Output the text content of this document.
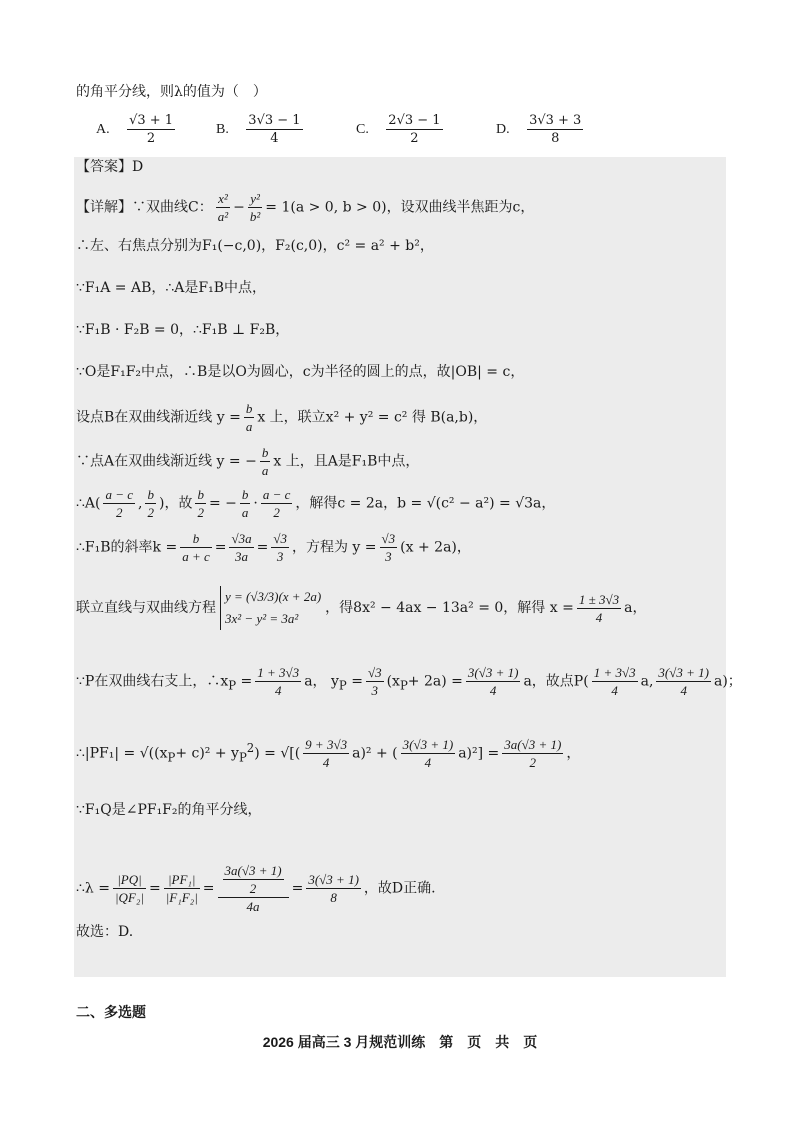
的角平分线，则λ的值为（　）
A. $\frac{√3 + 1}{2}$	B. $\frac{3√3 - 1}{4}$	C. $\frac{2√3 - 1}{2}$	D. $\frac{3√3 + 3}{8}$
【答案】D
【详解】∵双曲线C： $\frac{\text{x²}}{\text{a²}} - \frac{\text{y²}}{\text{b²}} = 1(a > 0$, b > 0)，设双曲线半焦距为c，
∴左、右焦点分别为F₁(−c,0)，F₂(c,0)，c² = a² + b²，
∵F₁A = AB，∴A是F₁B中点，
∵F₁B · F₂B = 0，∴F₁B ⊥ F₂B，
∵O是F₁F₂中点，∴B是以O为圆心，c为半径的圆上的点，故|OB| = c，
设点B在双曲线渐近线 $y = \frac{b}{a}$ x 上，联立x² + y² = c² 得 B(a,b)，
∵点A在双曲线渐近线 y = − $\frac{b}{a}$ x 上，且A是F₁B中点，
∴A( $\frac{a - c}{2}$ , $\frac{b}{2}$ )，故 $\frac{b}{2}$ = − $\frac{b}{a} \cdot \frac{a - c}{2}$ ，解得c = 2a，b = √(c² − a²) = √3a，
∴F₁B的斜率$k = \frac{b}{a + c} = \frac{√3a}{3a} = \frac{√3}{3}$ ，方程为 $y = \frac{√3}{3} (x + 2a)$，
联立直线与双曲线方程
y = (√3/3)(x + 2a)
3x² − y² = 3a²
，得8x² − 4ax − 13a² = 0，解得 $x = \frac{1 \pm 3√3}{4}$ a，
∵P在双曲线右支上，$\therefore x_P = \frac{1 + 3√3}{4}$ a， $y_P = \frac{√3}{3} (x_P+ 2a) = \frac{3(√3 + 1)}{4}$ a，故点$P( \frac{1 + 3√3}{4} a$, $\frac{3(√3 + 1)}{4} a$)；
∴|PF₁| = $√((x_P+ c)^2 + y_P^2)$ = √[( $\frac{9 + 3√3}{4} a)^2$ + ( $\frac{3(√3 + 1)}{4} a)^2] = \frac{3a(√3 + 1)}{2}$ ，
∵F₁Q是∠PF₁F₂的角平分线，
∴λ = $\frac{|PQ|}{\text{|QF₂|}} = \frac{\text{|PF₁|}}{\text{|F₁F₂|}} = \frac{\frac{3a(√3 + 1)}{2}}{4a} = \frac{3(√3 + 1)}{8}$ ，故D正确.
故选：D.
二、多选题
2026 届高三 3 月规范训练　第　页　共　页
